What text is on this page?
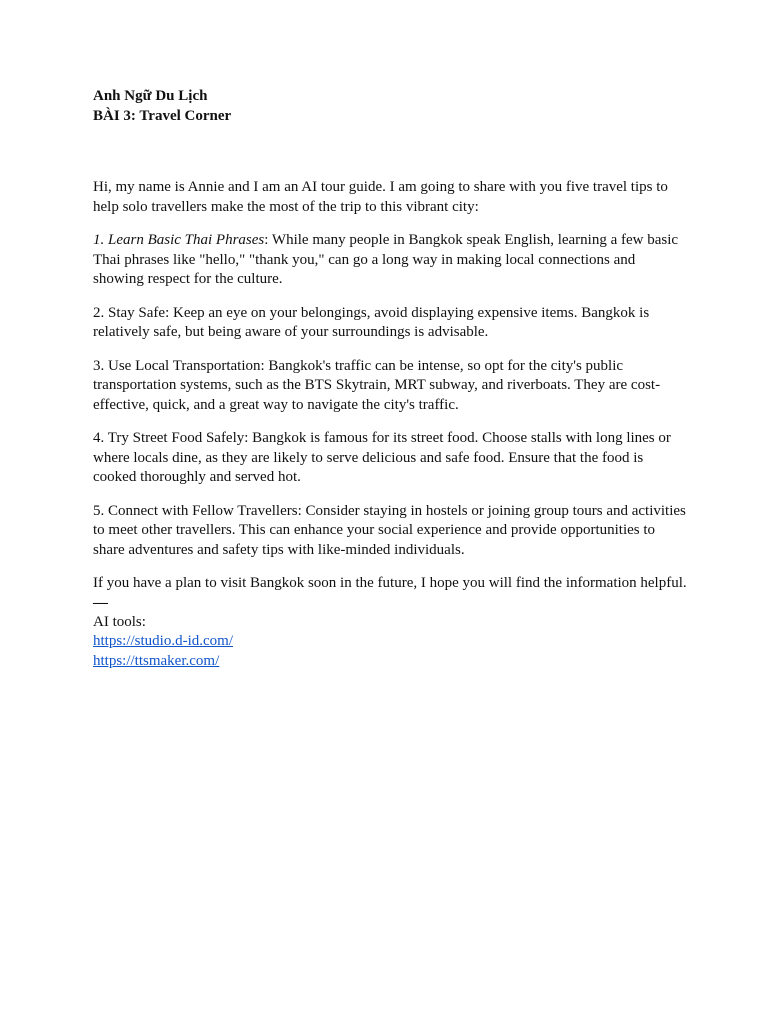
Anh Ngữ Du Lịch
BÀI 3: Travel Corner

Hi, my name is Annie and I am an AI tour guide. I am going to share with you five travel tips to help solo travellers make the most of the trip to this vibrant city:

1. Learn Basic Thai Phrases: While many people in Bangkok speak English, learning a few basic Thai phrases like "hello," "thank you," can go a long way in making local connections and showing respect for the culture.

2. Stay Safe: Keep an eye on your belongings, avoid displaying expensive items. Bangkok is relatively safe, but being aware of your surroundings is advisable.

3. Use Local Transportation: Bangkok's traffic can be intense, so opt for the city's public transportation systems, such as the BTS Skytrain, MRT subway, and riverboats. They are cost-effective, quick, and a great way to navigate the city's traffic.

4. Try Street Food Safely: Bangkok is famous for its street food. Choose stalls with long lines or where locals dine, as they are likely to serve delicious and safe food. Ensure that the food is cooked thoroughly and served hot.

5. Connect with Fellow Travellers: Consider staying in hostels or joining group tours and activities to meet other travellers. This can enhance your social experience and provide opportunities to share adventures and safety tips with like-minded individuals.

If you have a plan to visit Bangkok soon in the future, I hope you will find the information helpful.

—
AI tools:
https://studio.d-id.com/
https://ttsmaker.com/
